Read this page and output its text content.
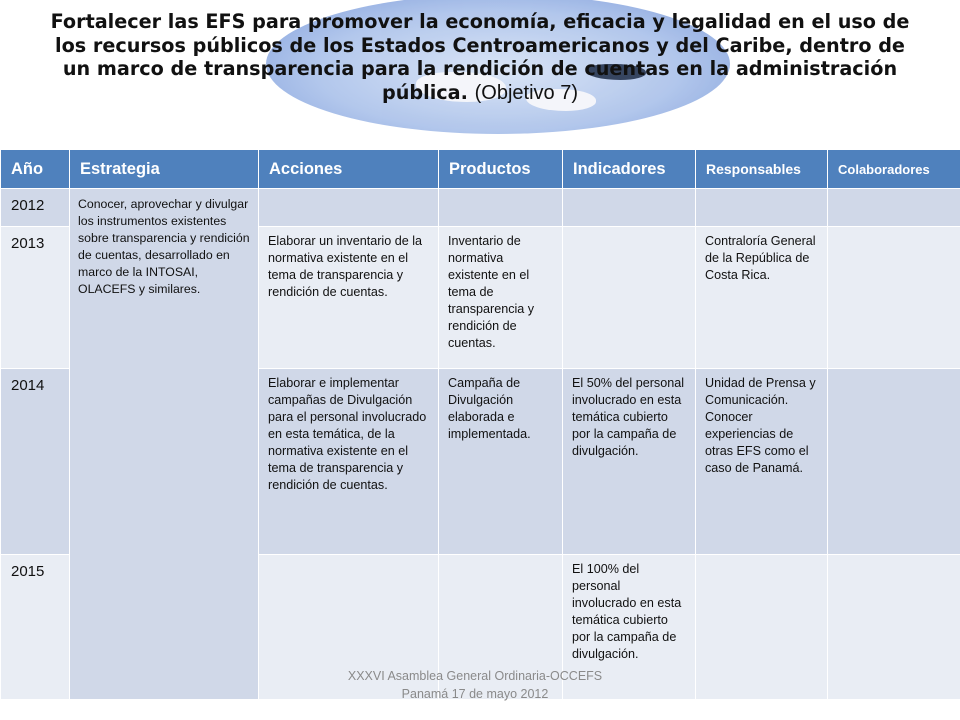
Fortalecer las EFS para promover la economía, eficacia y legalidad en el uso de los recursos públicos de los Estados Centroamericanos y del Caribe, dentro de un marco de transparencia para la rendición de cuentas en la administración pública. (Objetivo 7)

Año	Estrategia	Acciones	Productos	Indicadores	Responsables	Colaboradores
2012	Conocer, aprovechar y divulgar los instrumentos existentes sobre transparencia y rendición de cuentas, desarrollado en marco de la INTOSAI, OLACEFS y similares.					
2013		Elaborar un inventario de la normativa existente en el tema de transparencia y rendición de cuentas.	Inventario de normativa existente en el tema de transparencia y rendición de cuentas.		Contraloría General de la República de Costa Rica.	
2014		Elaborar e implementar campañas de Divulgación para el personal involucrado en esta temática, de la normativa existente en el tema de transparencia y rendición de cuentas.	Campaña de Divulgación elaborada e implementada.	El 50% del personal involucrado en esta temática cubierto por la campaña de divulgación.	Unidad de Prensa y Comunicación. Conocer experiencias de otras EFS como el caso de Panamá.	
2015				El 100% del personal involucrado en esta temática cubierto por la campaña de divulgación.		
XXXVI Asamblea General Ordinaria-OCCEFS
Panamá 17 de mayo 2012
